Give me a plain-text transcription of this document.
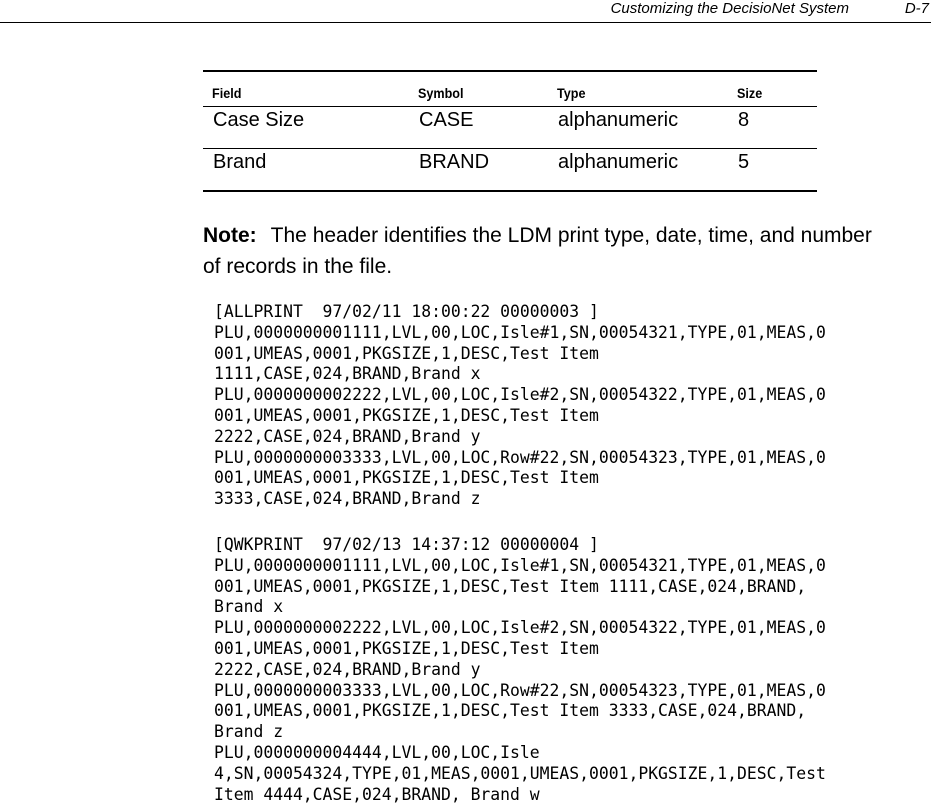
Customizing the DecisioNet System	D-7
Field	Symbol	Type	Size
Case Size	CASE	alphanumeric	8
Brand	BRAND	alphanumeric	5
Note: The header identifies the LDM print type, date, time, and number of records in the file.
[ALLPRINT  97/02/11 18:00:22 00000003 ]
PLU,0000000001111,LVL,00,LOC,Isle#1,SN,00054321,TYPE,01,MEAS,0
001,UMEAS,0001,PKGSIZE,1,DESC,Test Item
1111,CASE,024,BRAND,Brand x
PLU,0000000002222,LVL,00,LOC,Isle#2,SN,00054322,TYPE,01,MEAS,0
001,UMEAS,0001,PKGSIZE,1,DESC,Test Item
2222,CASE,024,BRAND,Brand y
PLU,0000000003333,LVL,00,LOC,Row#22,SN,00054323,TYPE,01,MEAS,0
001,UMEAS,0001,PKGSIZE,1,DESC,Test Item
3333,CASE,024,BRAND,Brand z
[QWKPRINT  97/02/13 14:37:12 00000004 ]
PLU,0000000001111,LVL,00,LOC,Isle#1,SN,00054321,TYPE,01,MEAS,0
001,UMEAS,0001,PKGSIZE,1,DESC,Test Item 1111,CASE,024,BRAND,
Brand x
PLU,0000000002222,LVL,00,LOC,Isle#2,SN,00054322,TYPE,01,MEAS,0
001,UMEAS,0001,PKGSIZE,1,DESC,Test Item
2222,CASE,024,BRAND,Brand y
PLU,0000000003333,LVL,00,LOC,Row#22,SN,00054323,TYPE,01,MEAS,0
001,UMEAS,0001,PKGSIZE,1,DESC,Test Item 3333,CASE,024,BRAND,
Brand z
PLU,0000000004444,LVL,00,LOC,Isle
4,SN,00054324,TYPE,01,MEAS,0001,UMEAS,0001,PKGSIZE,1,DESC,Test
Item 4444,CASE,024,BRAND, Brand w
